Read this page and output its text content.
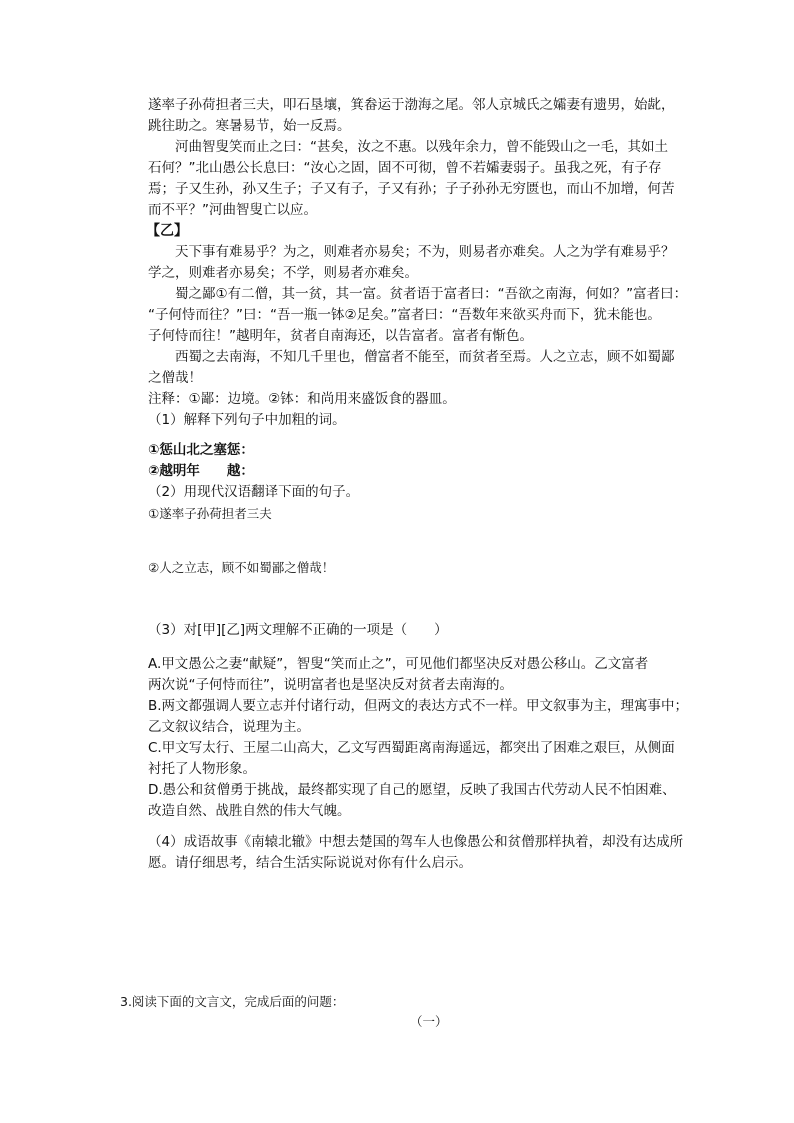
遂率子孙荷担者三夫，叩石垦壤，箕畚运于渤海之尾。邻人京城氏之孀妻有遗男，始龀，
跳往助之。寒暑易节，始一反焉。
河曲智叟笑而止之曰：“甚矣，汝之不惠。以残年余力，曾不能毁山之一毛，其如土
石何？”北山愚公长息曰：“汝心之固，固不可彻，曾不若孀妻弱子。虽我之死，有子存
焉；子又生孙，孙又生子；子又有子，子又有孙；子子孙孙无穷匮也，而山不加增，何苦
而不平？”河曲智叟亡以应。
【乙】
天下事有难易乎？为之，则难者亦易矣；不为，则易者亦难矣。人之为学有难易乎？
学之，则难者亦易矣；不学，则易者亦难矣。
蜀之鄙①有二僧，其一贫，其一富。贫者语于富者曰：“吾欲之南海，何如？”富者曰：
“子何恃而往？”曰：“吾一瓶一钵②足矣。”富者曰：“吾数年来欲买舟而下，犹未能也。
子何恃而往！”越明年，贫者自南海还，以告富者。富者有惭色。
西蜀之去南海，不知几千里也，僧富者不能至，而贫者至焉。人之立志，顾不如蜀鄙
之僧哉！
注释：①鄙：边境。②钵：和尚用来盛饭食的器皿。
（1）解释下列句子中加粗的词。
①惩山北之塞惩：
②越明年　　越：
（2）用现代汉语翻译下面的句子。
①遂率子孙荷担者三夫
②人之立志，顾不如蜀鄙之僧哉！
（3）对[甲][乙]两文理解不正确的一项是（　　）
A.甲文愚公之妻“献疑”，智叟“笑而止之”，可见他们都坚决反对愚公移山。乙文富者
两次说“子何恃而往”，说明富者也是坚决反对贫者去南海的。
B.两文都强调人要立志并付诸行动，但两文的表达方式不一样。甲文叙事为主，理寓事中；
乙文叙议结合，说理为主。
C.甲文写太行、王屋二山高大，乙文写西蜀距离南海遥远，都突出了困难之艰巨，从侧面
衬托了人物形象。
D.愚公和贫僧勇于挑战，最终都实现了自己的愿望，反映了我国古代劳动人民不怕困难、
改造自然、战胜自然的伟大气魄。
（4）成语故事《南辕北辙》中想去楚国的驾车人也像愚公和贫僧那样执着，却没有达成所
愿。请仔细思考，结合生活实际说说对你有什么启示。
3.阅读下面的文言文，完成后面的问题：
（一）
